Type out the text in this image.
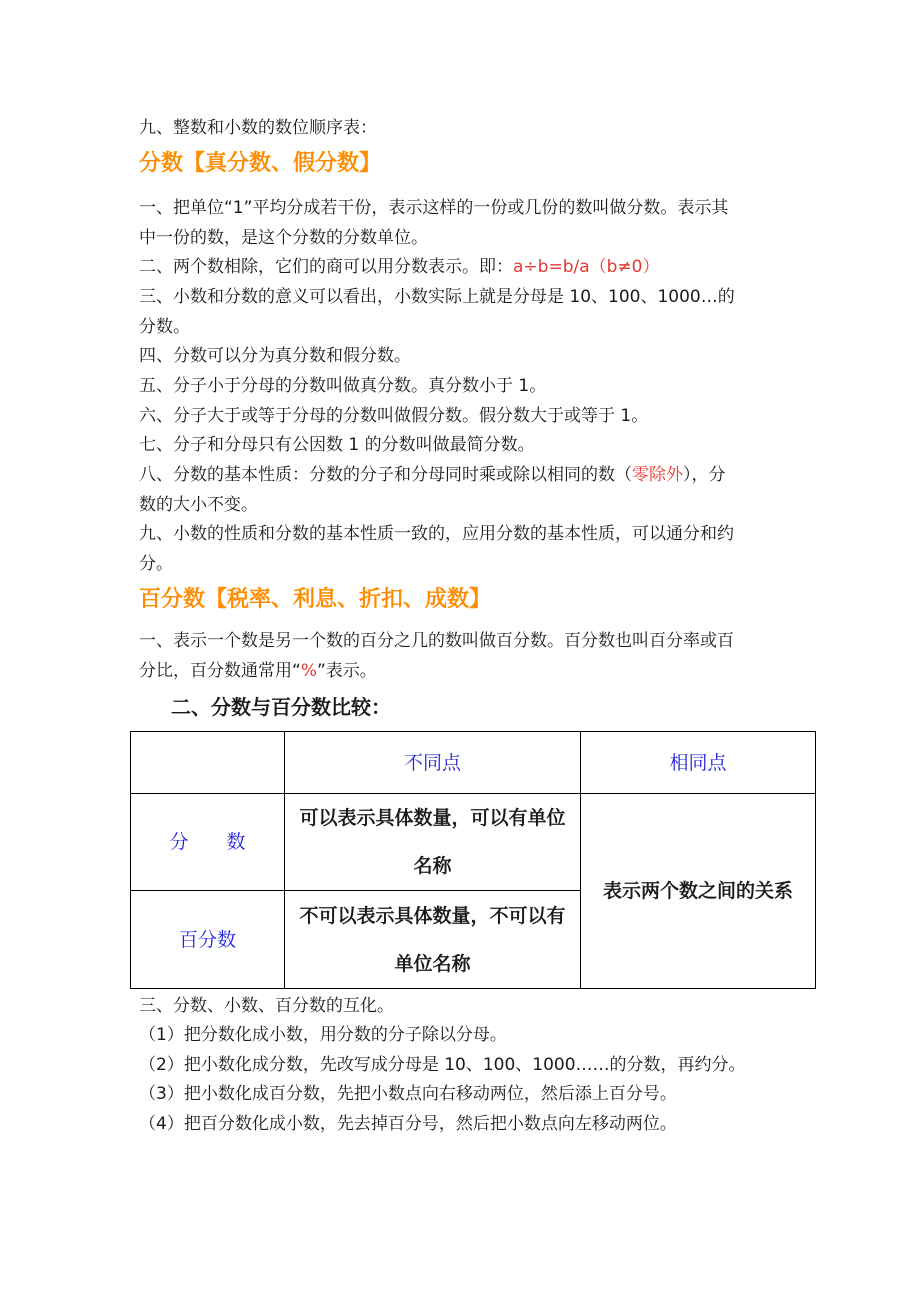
九、整数和小数的数位顺序表：
分数【真分数、假分数】
一、把单位“1”平均分成若干份，表示这样的一份或几份的数叫做分数。表示其
中一份的数，是这个分数的分数单位。
二、两个数相除，它们的商可以用分数表示。即：a÷b=b/a（b≠0）
三、小数和分数的意义可以看出，小数实际上就是分母是 10、100、1000…的
分数。
四、分数可以分为真分数和假分数。
五、分子小于分母的分数叫做真分数。真分数小于 1。
六、分子大于或等于分母的分数叫做假分数。假分数大于或等于 1。
七、分子和分母只有公因数 1 的分数叫做最简分数。
八、分数的基本性质：分数的分子和分母同时乘或除以相同的数（零除外），分
数的大小不变。
九、小数的性质和分数的基本性质一致的，应用分数的基本性质，可以通分和约
分。
百分数【税率、利息、折扣、成数】
一、表示一个数是另一个数的百分之几的数叫做百分数。百分数也叫百分率或百
分比，百分数通常用“%”表示。
二、分数与百分数比较：
	不同点	相同点
分　　数	可以表示具体数量，可以有单位名称	表示两个数之间的关系
百分数	不可以表示具体数量，不可以有单位名称	
三、分数、小数、百分数的互化。
（1）把分数化成小数，用分数的分子除以分母。
（2）把小数化成分数，先改写成分母是 10、100、1000……的分数，再约分。
（3）把小数化成百分数，先把小数点向右移动两位，然后添上百分号。
（4）把百分数化成小数，先去掉百分号，然后把小数点向左移动两位。
